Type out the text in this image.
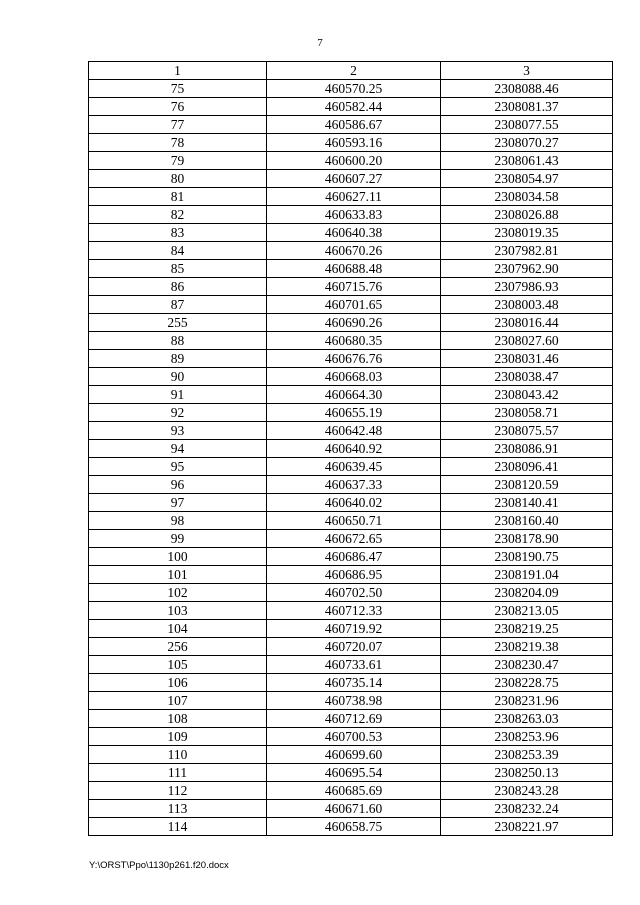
7
1	2	3
75	460570.25	2308088.46
76	460582.44	2308081.37
77	460586.67	2308077.55
78	460593.16	2308070.27
79	460600.20	2308061.43
80	460607.27	2308054.97
81	460627.11	2308034.58
82	460633.83	2308026.88
83	460640.38	2308019.35
84	460670.26	2307982.81
85	460688.48	2307962.90
86	460715.76	2307986.93
87	460701.65	2308003.48
255	460690.26	2308016.44
88	460680.35	2308027.60
89	460676.76	2308031.46
90	460668.03	2308038.47
91	460664.30	2308043.42
92	460655.19	2308058.71
93	460642.48	2308075.57
94	460640.92	2308086.91
95	460639.45	2308096.41
96	460637.33	2308120.59
97	460640.02	2308140.41
98	460650.71	2308160.40
99	460672.65	2308178.90
100	460686.47	2308190.75
101	460686.95	2308191.04
102	460702.50	2308204.09
103	460712.33	2308213.05
104	460719.92	2308219.25
256	460720.07	2308219.38
105	460733.61	2308230.47
106	460735.14	2308228.75
107	460738.98	2308231.96
108	460712.69	2308263.03
109	460700.53	2308253.96
110	460699.60	2308253.39
111	460695.54	2308250.13
112	460685.69	2308243.28
113	460671.60	2308232.24
114	460658.75	2308221.97
Y:\ORST\Ppo\1130p261.f20.docx
